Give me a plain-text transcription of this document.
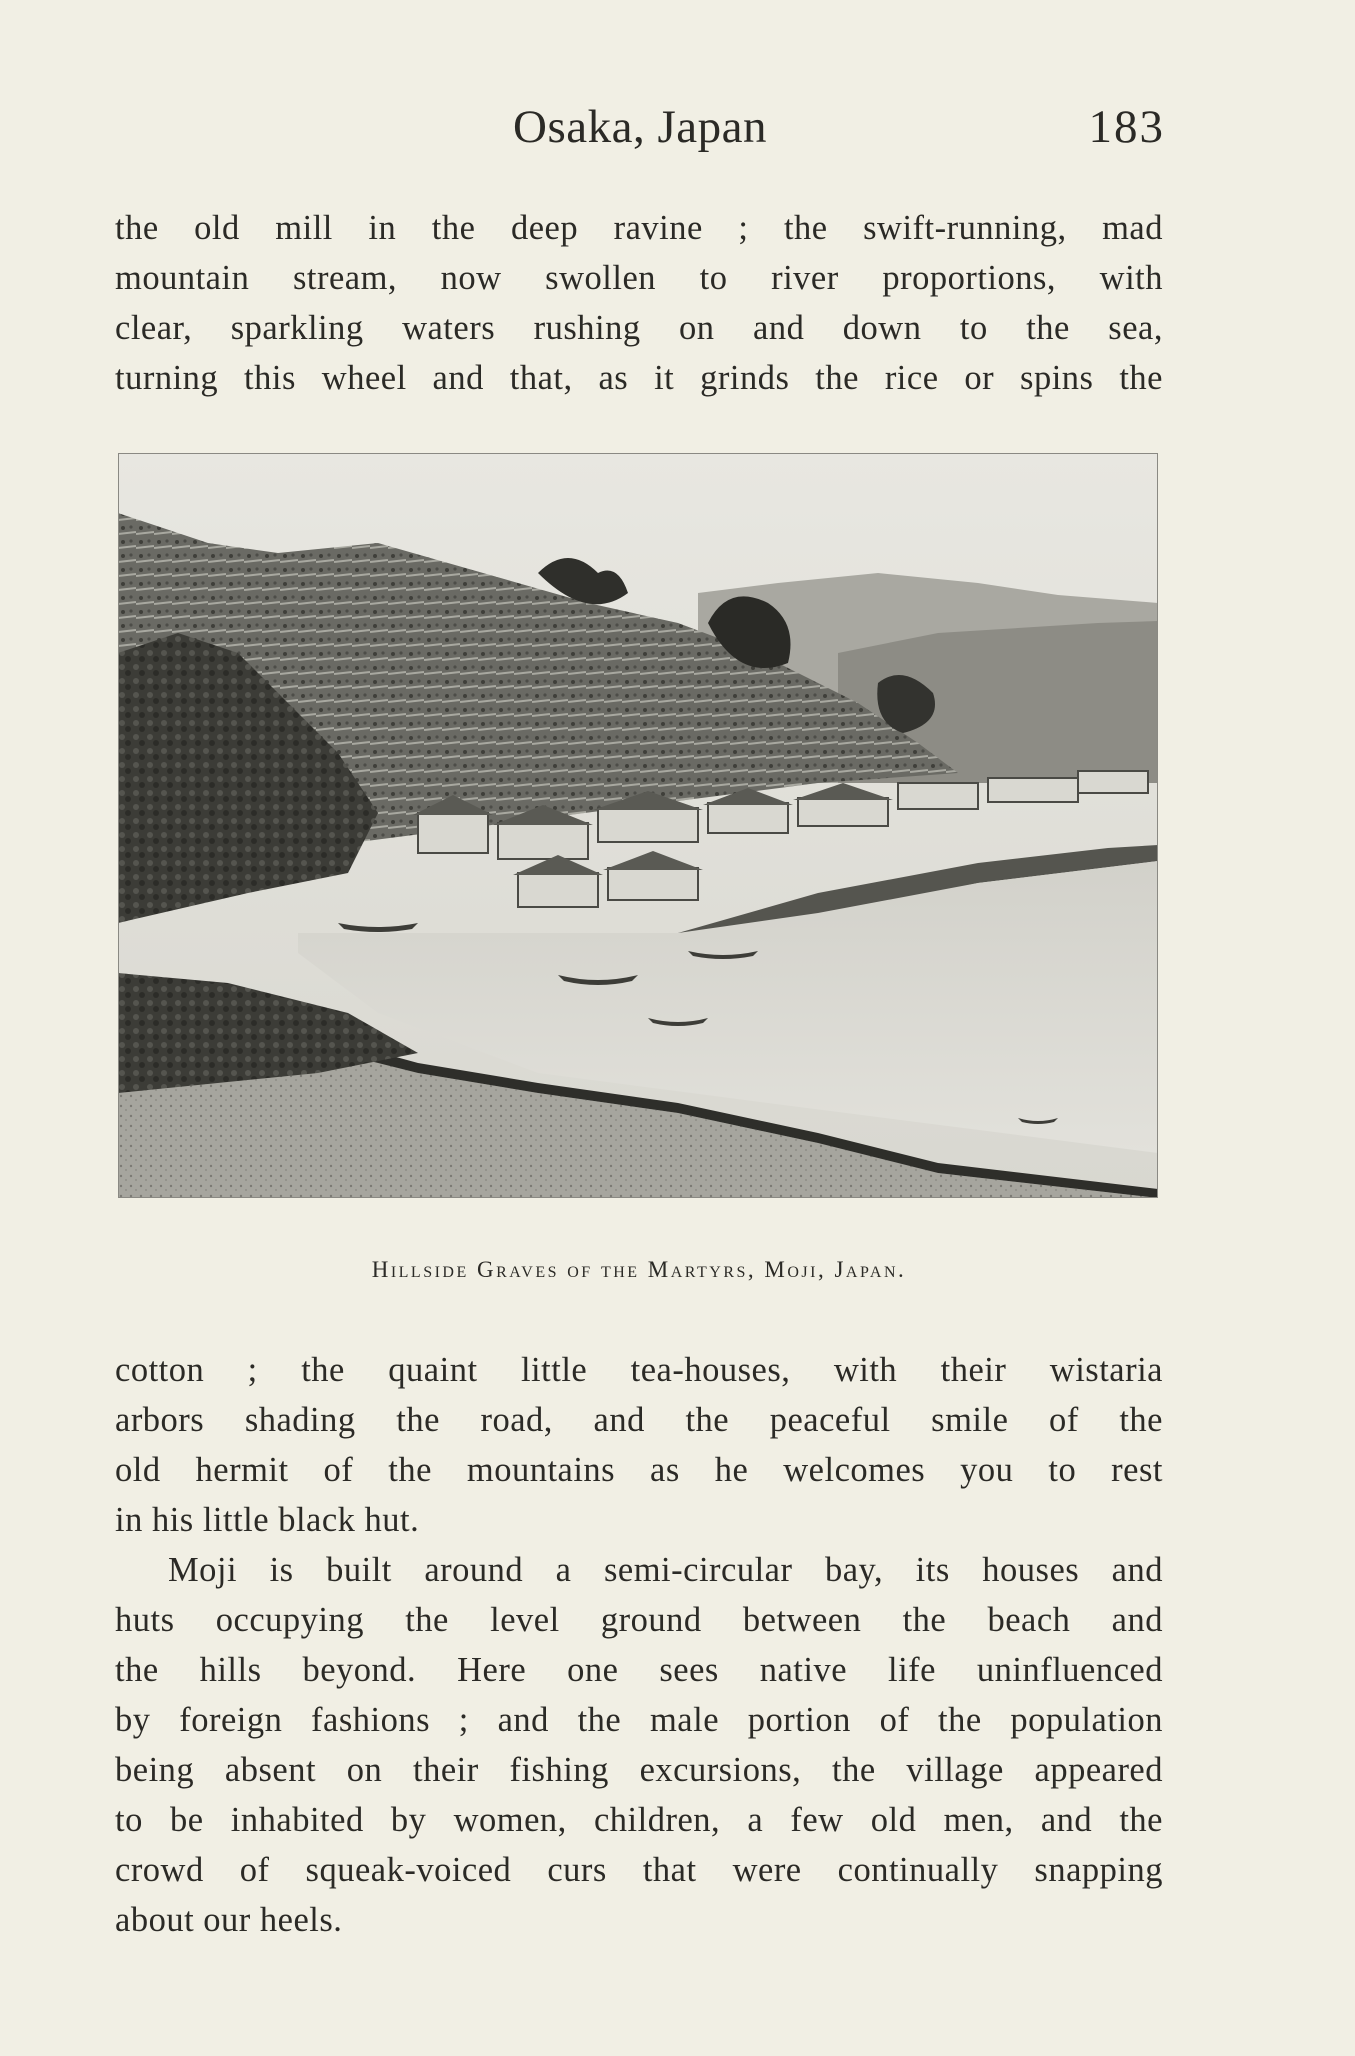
Osaka, Japan	183
the old mill in the deep ravine ; the swift-running, mad
mountain stream, now swollen to river proportions, with
clear, sparkling waters rushing on and down to the sea,
turning this wheel and that, as it grinds the rice or spins the
Hillside Graves of the Martyrs, Moji, Japan.
cotton ; the quaint little tea-houses, with their wistaria
arbors shading the road, and the peaceful smile of the
old hermit of the mountains as he welcomes you to rest
in his little black hut.
Moji is built around a semi-circular bay, its houses and
huts occupying the level ground between the beach and
the hills beyond. Here one sees native life uninfluenced
by foreign fashions ; and the male portion of the population
being absent on their fishing excursions, the village appeared
to be inhabited by women, children, a few old men, and the
crowd of squeak-voiced curs that were continually snapping
about our heels.
